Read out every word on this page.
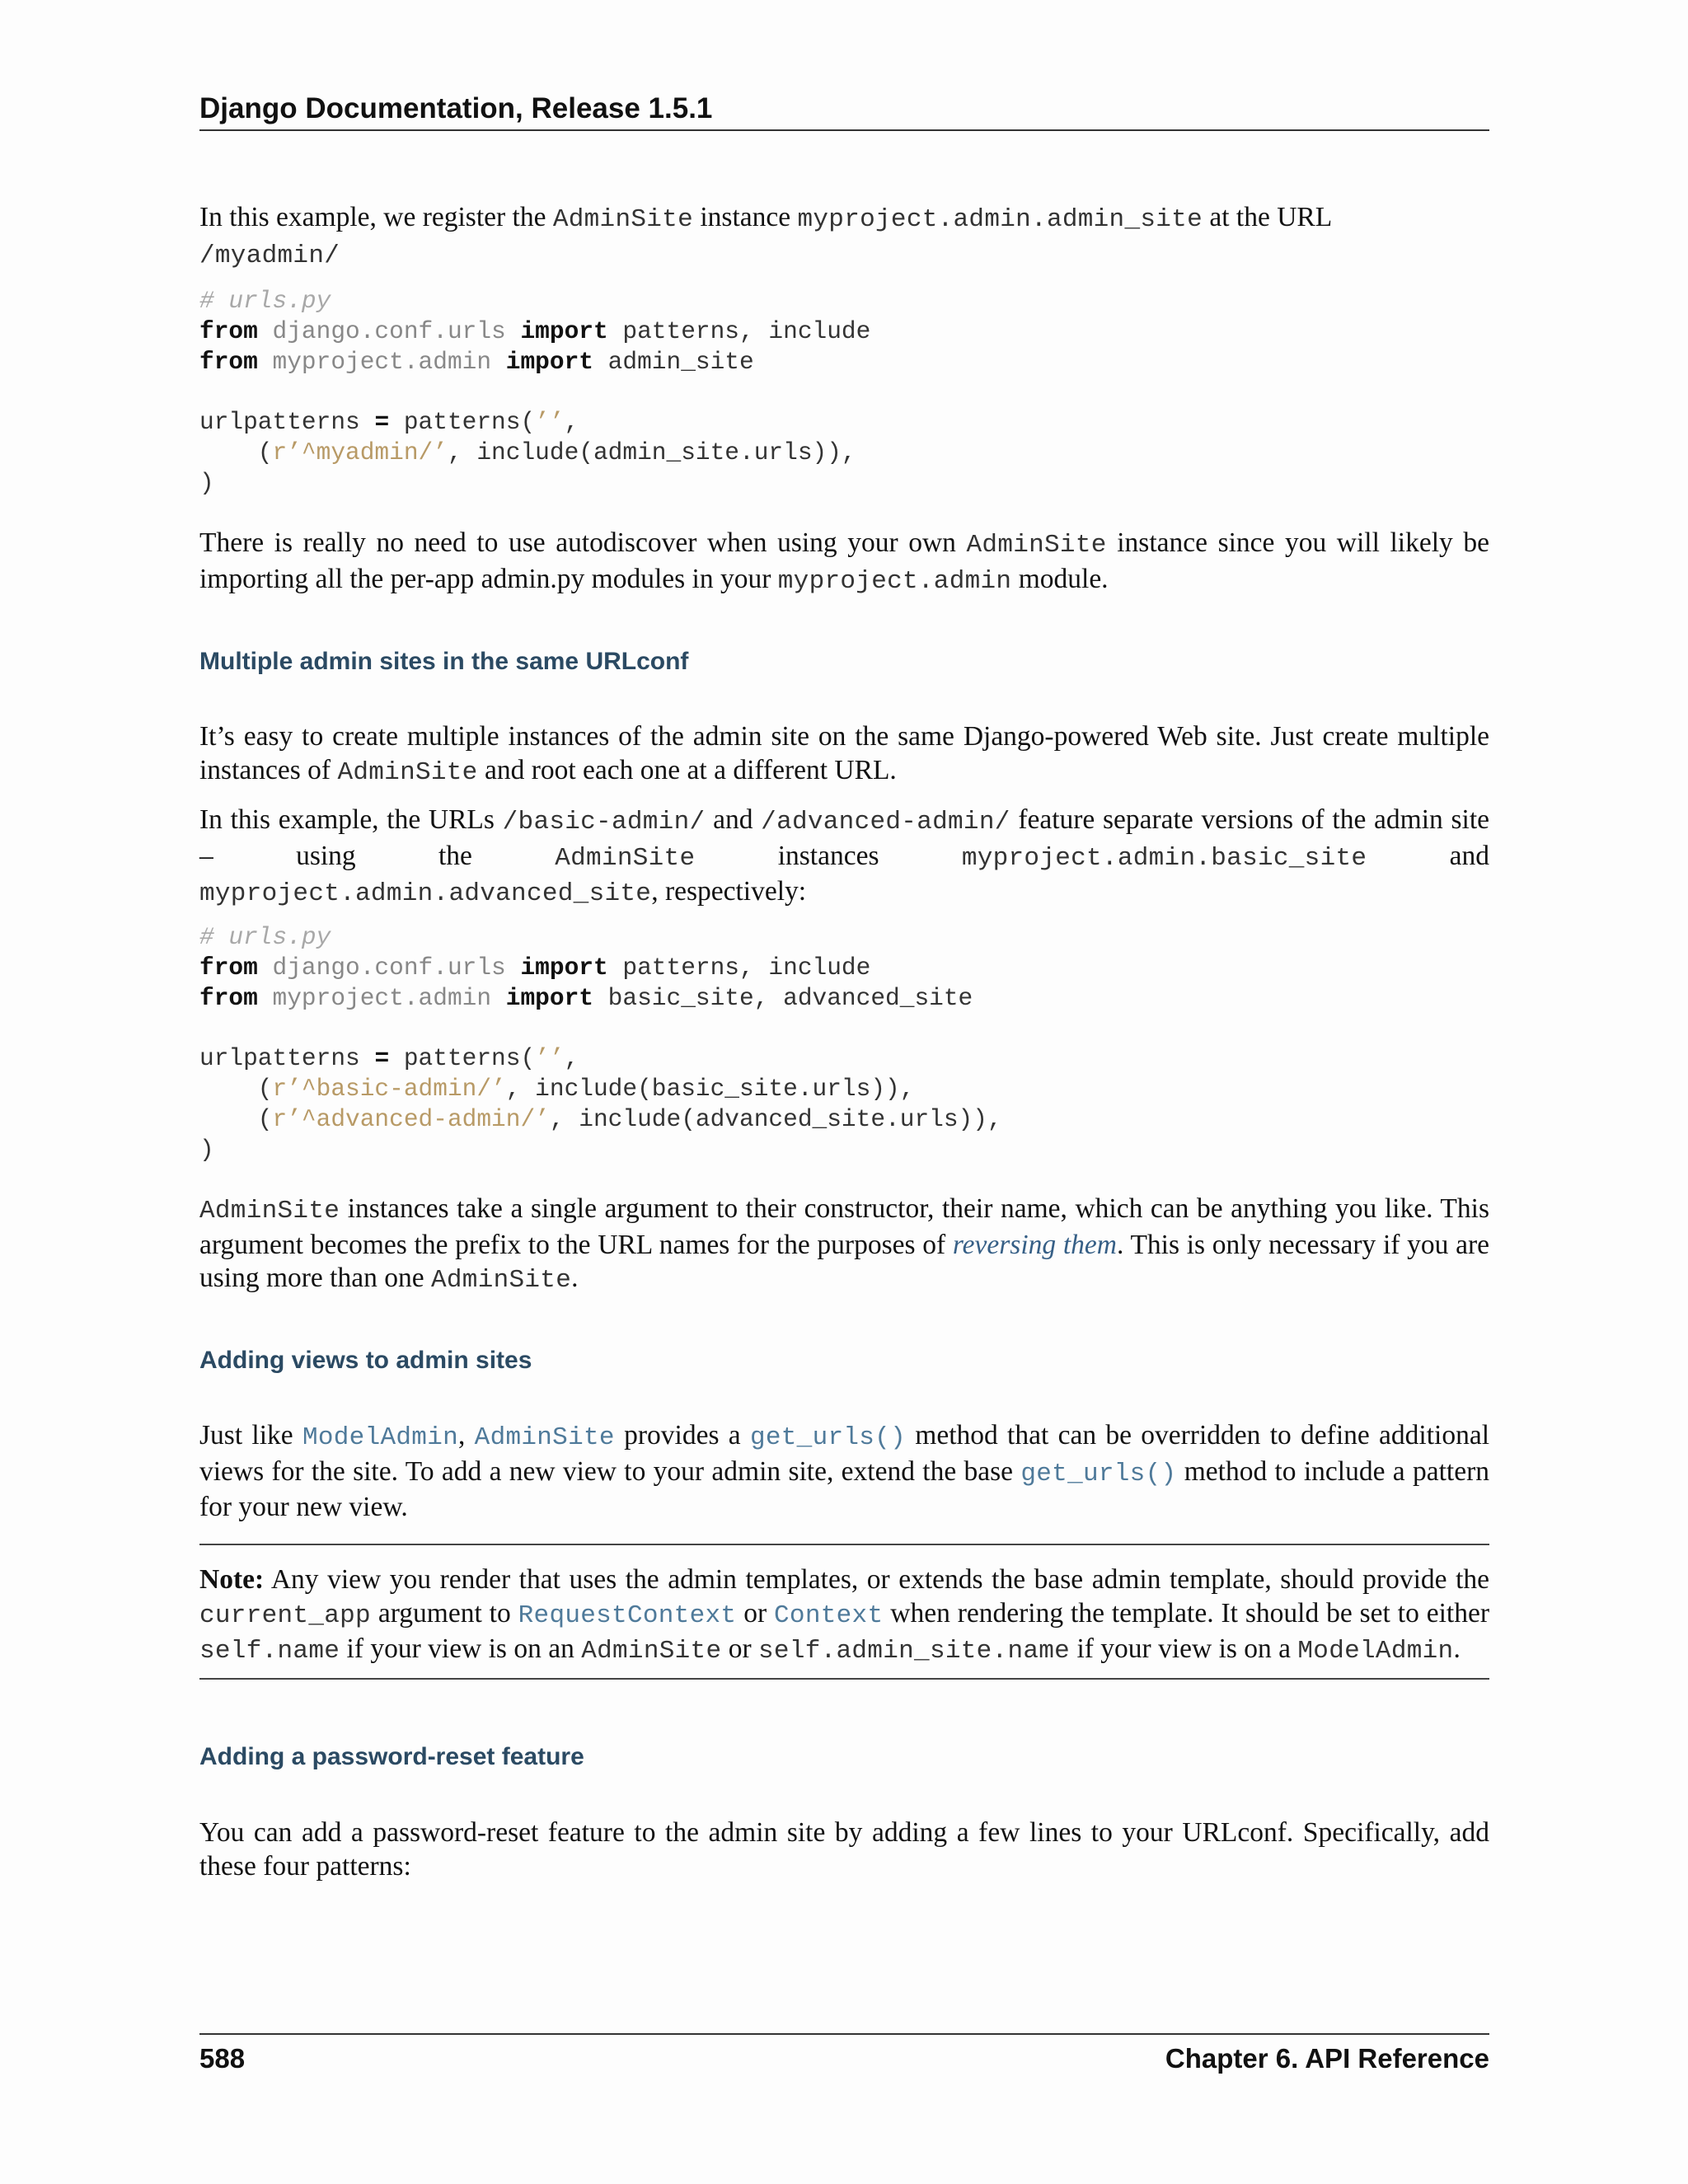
Django Documentation, Release 1.5.1

In this example, we register the AdminSite instance myproject.admin.admin_site at the URL
/myadmin/

# urls.py
from django.conf.urls import patterns, include
from myproject.admin import admin_site

urlpatterns = patterns(’’,
(r’^myadmin/’, include(admin_site.urls)),
)

There is really no need to use autodiscover when using your own AdminSite instance since you will likely be importing all the per-app admin.py modules in your myproject.admin module.

Multiple admin sites in the same URLconf

It’s easy to create multiple instances of the admin site on the same Django-powered Web site. Just create multiple instances of AdminSite and root each one at a different URL.

In this example, the URLs /basic-admin/ and /advanced-admin/ feature separate versions of the admin site – using the AdminSite instances myproject.admin.basic_site and myproject.admin.advanced_site, respectively:

# urls.py
from django.conf.urls import patterns, include
from myproject.admin import basic_site, advanced_site

urlpatterns = patterns(’’,
(r’^basic-admin/’, include(basic_site.urls)),
(r’^advanced-admin/’, include(advanced_site.urls)),
)

AdminSite instances take a single argument to their constructor, their name, which can be anything you like. This argument becomes the prefix to the URL names for the purposes of reversing them. This is only necessary if you are using more than one AdminSite.

Adding views to admin sites

Just like ModelAdmin, AdminSite provides a get_urls() method that can be overridden to define additional views for the site. To add a new view to your admin site, extend the base get_urls() method to include a pattern for your new view.

Note: Any view you render that uses the admin templates, or extends the base admin template, should provide the current_app argument to RequestContext or Context when rendering the template. It should be set to either self.name if your view is on an AdminSite or self.admin_site.name if your view is on a ModelAdmin.

Adding a password-reset feature

You can add a password-reset feature to the admin site by adding a few lines to your URLconf. Specifically, add these four patterns:

588	Chapter 6. API Reference
